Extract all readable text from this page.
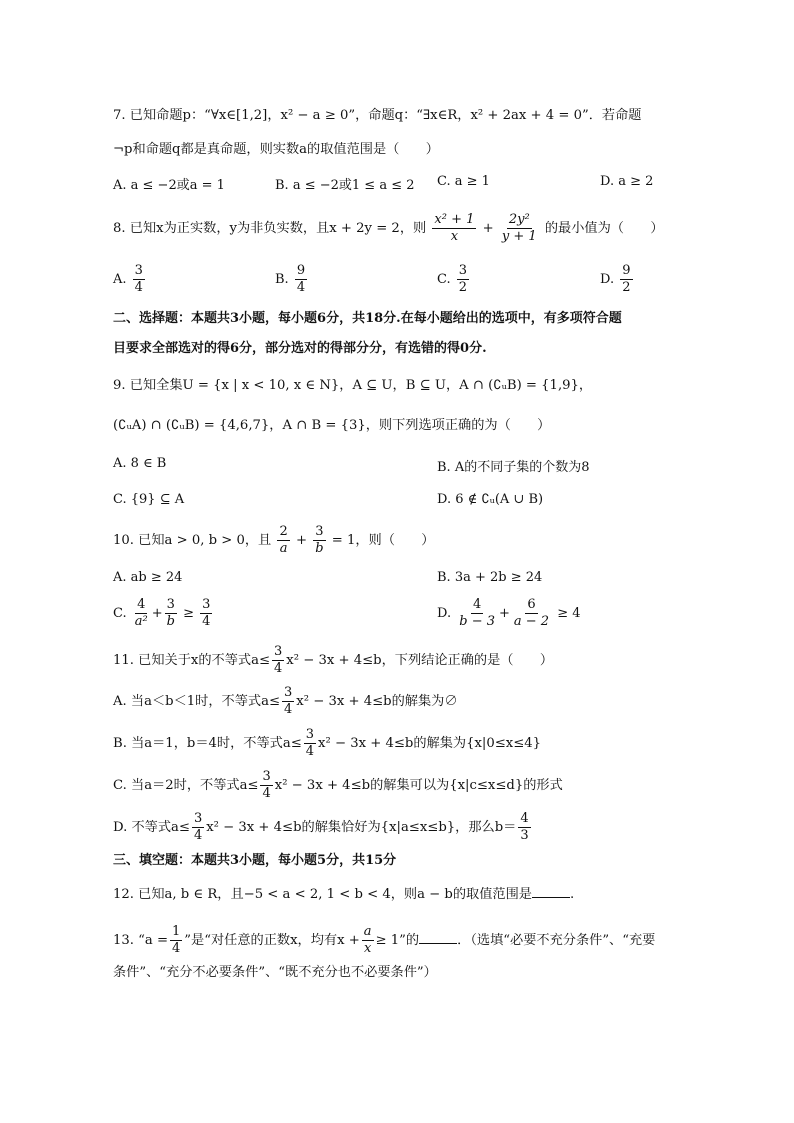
7. 已知命题p：“∀x∈[1,2]，x² − a ≥ 0”，命题q：“∃x∈R，x² + 2ax + 4 = 0”．若命题
¬p和命题q都是真命题，则实数a的取值范围是（　　）
A. a ≤ −2或a = 1	B. a ≤ −2或1 ≤ a ≤ 2 C. a ≥ 1	D. a ≥ 2
8. 已知x为正实数，y为非负实数，且x + 2y = 2，则 $\frac{\text{x² + 1}}{x} + \frac{\text{2y²}}{y + 1}$ 的最小值为（　　）
A. $\frac{3}{4}$	B. $\frac{9}{4}$	C. $\frac{3}{2}$	D. $\frac{9}{2}$
二、选择题：本题共3小题，每小题6分，共18分.在每小题给出的选项中，有多项符合题
目要求全部选对的得6分，部分选对的得部分分，有选错的得0分.
9. 已知全集U = {x | x < 10, x ∈ N}，A ⊆ U，B ⊆ U，A ∩ (∁ᵤB) = {1,9}，
(∁ᵤA) ∩ (∁ᵤB) = {4,6,7}，A ∩ B = {3}，则下列选项正确的为（　　）
A. 8 ∈ B	B. A的不同子集的个数为8
C. {9} ⊆ A	D. 6 ∉ ∁ᵤ(A ∪ B)
10. 已知a > 0, b > 0，且 $\frac{2}{a} + \frac{3}{b} = 1$，则（　　）
A. ab ≥ 24	B. 3a + 2b ≥ 24
C. $\frac{4}{\text{a²}} + \frac{3}{b} \ge \frac{3}{4}$	D. $\frac{4}{b - 3} + \frac{6}{a - 2} \ge 4$
11. 已知关于x的不等式$a\le \frac{3}{4} x^2 - 3x + 4\le b$，下列结论正确的是（　　）
A. 当a＜b＜1时，不等式$a\le \frac{3}{4} x^2 - 3x + 4\le b$的解集为∅
B. 当a＝1，b＝4时，不等式$a\le \frac{3}{4} x^2 - 3x + 4\le b$的解集为{x|0≤x≤4}
C. 当a＝2时，不等式$a\le \frac{3}{4} x^2 - 3x + 4\le b$的解集可以为{x|c≤x≤d}的形式
D. 不等式$a\le \frac{3}{4} x^2 - 3x + 4\le b$的解集恰好为{x|a≤x≤b}，那么$b= \frac{4}{3}$
三、填空题：本题共3小题，每小题5分，共15分
12. 已知a, b ∈ R，且−5 < a < 2, 1 < b < 4，则a − b的取值范围是	.
13. “$a = \frac{1}{4}$ ”是“对任意的正数x，均有$x + \frac{a}{x} \ge 1$”的	．（选填“必要不充分条件”、“充要
条件”、“充分不必要条件”、“既不充分也不必要条件”）
